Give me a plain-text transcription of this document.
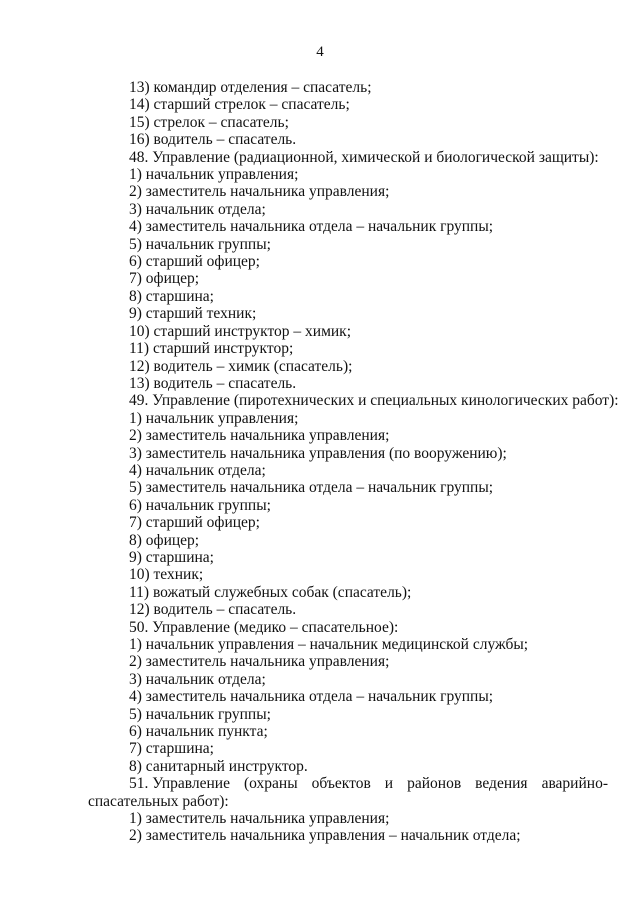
4
13) командир отделения – спасатель;
14) старший стрелок – спасатель;
15) стрелок – спасатель;
16) водитель – спасатель.
48. Управление (радиационной, химической и биологической защиты):
1) начальник управления;
2) заместитель начальника управления;
3) начальник отдела;
4) заместитель начальника отдела – начальник группы;
5) начальник группы;
6) старший офицер;
7) офицер;
8) старшина;
9) старший техник;
10) старший инструктор – химик;
11) старший инструктор;
12) водитель – химик (спасатель);
13) водитель – спасатель.
49. Управление (пиротехнических и специальных кинологических работ):
1) начальник управления;
2) заместитель начальника управления;
3) заместитель начальника управления (по вооружению);
4) начальник отдела;
5) заместитель начальника отдела – начальник группы;
6) начальник группы;
7) старший офицер;
8) офицер;
9) старшина;
10) техник;
11) вожатый служебных собак (спасатель);
12) водитель – спасатель.
50. Управление (медико – спасательное):
1) начальник управления – начальник медицинской службы;
2) заместитель начальника управления;
3) начальник отдела;
4) заместитель начальника отдела – начальник группы;
5) начальник группы;
6) начальник пункта;
7) старшина;
8) санитарный инструктор.
51. Управление (охраны объектов и районов ведения аварийно-
спасательных работ):
1) заместитель начальника управления;
2) заместитель начальника управления – начальник отдела;
